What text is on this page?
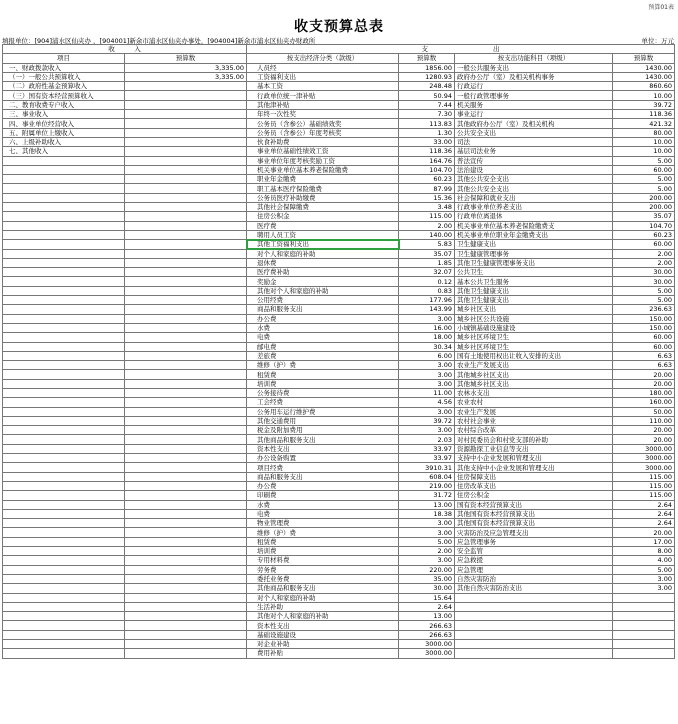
预算01表
收支预算总表
填报单位：[904]浦水区仙夹办 ，[904001]新余市浦水区仙夹办事处，[904004]新余市浦水区仙夹办财政所	单位：万元
收　　　入		支　　　　　　　　　　出			
项目	预算数	按支出经济分类（款级）	预算数	按支出功能科目（项级）	预算数
一、财政拨款收入	3,335.00	人员经	1856.00	一般公共服务支出	1430.00
（一）一般公共预算收入	3,335.00	工资福利支出	1280.93	政府办公厅（室）及相关机构事务	1430.00
（二）政府性基金预算收入		基本工资	248.48	行政运行	860.60
（三）国有资本经营预算收入		行政单位统一津补贴	50.94	一般行政管理事务	10.00
二、教育收费专户收入		其他津补贴	7.44	机关服务	39.72
三、事业收入		年终一次性奖	7.30	事业运行	118.36
四、事业单位经营收入		公务员（含参公）基础绩效奖	113.83	其他政府办公厅（室）及相关机构	421.32
五、附属单位上缴收入		公务员（含参公）年度考核奖	1.30	公共安全支出	80.00
六、上级补助收入		伙食补助费	33.00	司法	10.00
七、其他收入		事业单位基础性绩效工资	118.36	基层司法业务	10.00
		事业单位年度考核奖励工资	164.76	普法宣传	5.00
		机关事业单位基本养老保险缴费	104.70	法治建设	60.00
		职业年金缴费	60.23	其他公共安全支出	5.00
		职工基本医疗保险缴费	87.99	其他公共安全支出	5.00
		公务员医疗补助缴费	15.36	社会保障和就业支出	200.00
		其他社会保障缴费	3.48	行政事业单位养老支出	200.00
		住房公积金	115.00	行政单位离退休	35.07
		医疗费	2.00	机关事业单位基本养老保险缴费支	104.70
		聘用人员工资	140.00	机关事业单位职业年金缴费支出	60.23
		其他工资福利支出	5.83	卫生健康支出	60.00
		对个人和家庭的补助	35.07	卫生健康管理事务	2.00
		退休费	1.85	其他卫生健康管理事务支出	2.00
		医疗费补助	32.07	公共卫生	30.00
		奖励金	0.12	基本公共卫生服务	30.00
		其他对个人和家庭的补助	0.83	其他卫生健康支出	5.00
		公用经费	177.96	其他卫生健康支出	5.00
		商品和服务支出	143.99	城乡社区支出	236.63
		办公费	3.00	城乡社区公共设施	150.00
		水费	16.00	小城镇基础设施建设	150.00
		电费	18.00	城乡社区环境卫生	60.00
		邮电费	30.34	城乡社区环境卫生	60.00
		差旅费	6.00	国有土地使用权出让收入安排的支出	6.63
		维修（护）费	3.00	农业生产发展支出	6.63
		租赁费	3.00	其他城乡社区支出	20.00
		培训费	3.00	其他城乡社区支出	20.00
		公务接待费	11.00	农林水支出	180.00
		工会经费	4.56	农业农村	160.00
		公务用车运行维护费	3.00	农业生产发展	50.00
		其他交通费用	39.72	农村社会事业	110.00
		税金及附加费用	3.00	农村综合改革	20.00
		其他商品和服务支出	2.03	对村民委员会和村党支部的补助	20.00
		资本性支出	33.97	资源勘探工业信息等支出	3000.00
		办公设备购置	33.97	支持中小企业发展和管理支出	3000.00
		项目经费	3910.31	其他支持中小企业发展和管理支出	3000.00
		商品和服务支出	608.04	住房保障支出	115.00
		办公费	219.00	住房改革支出	115.00
		印刷费	31.72	住房公积金	115.00
		水费	13.00	国有资本经营预算支出	2.64
		电费	18.38	其他国有资本经营预算支出	2.64
		物业管理费	3.00	其他国有资本经营预算支出	2.64
		维修（护）费	3.00	灾害防治及应急管理支出	20.00
		租赁费	5.00	应急管理事务	17.00
		培训费	2.00	安全监管	8.00
		专用材料费	3.00	应急救援	4.00
		劳务费	220.00	应急管理	5.00
		委托业务费	35.00	自然灾害防治	3.00
		其他商品和服务支出	30.00	其他自然灾害防治支出	3.00
		对个人和家庭的补助	15.64		
		生活补助	2.64		
		其他对个人和家庭的补助	13.00		
		资本性支出	266.63		
		基础设施建设	266.63		
		对企业补助	3000.00		
		费用补贴	3000.00		
